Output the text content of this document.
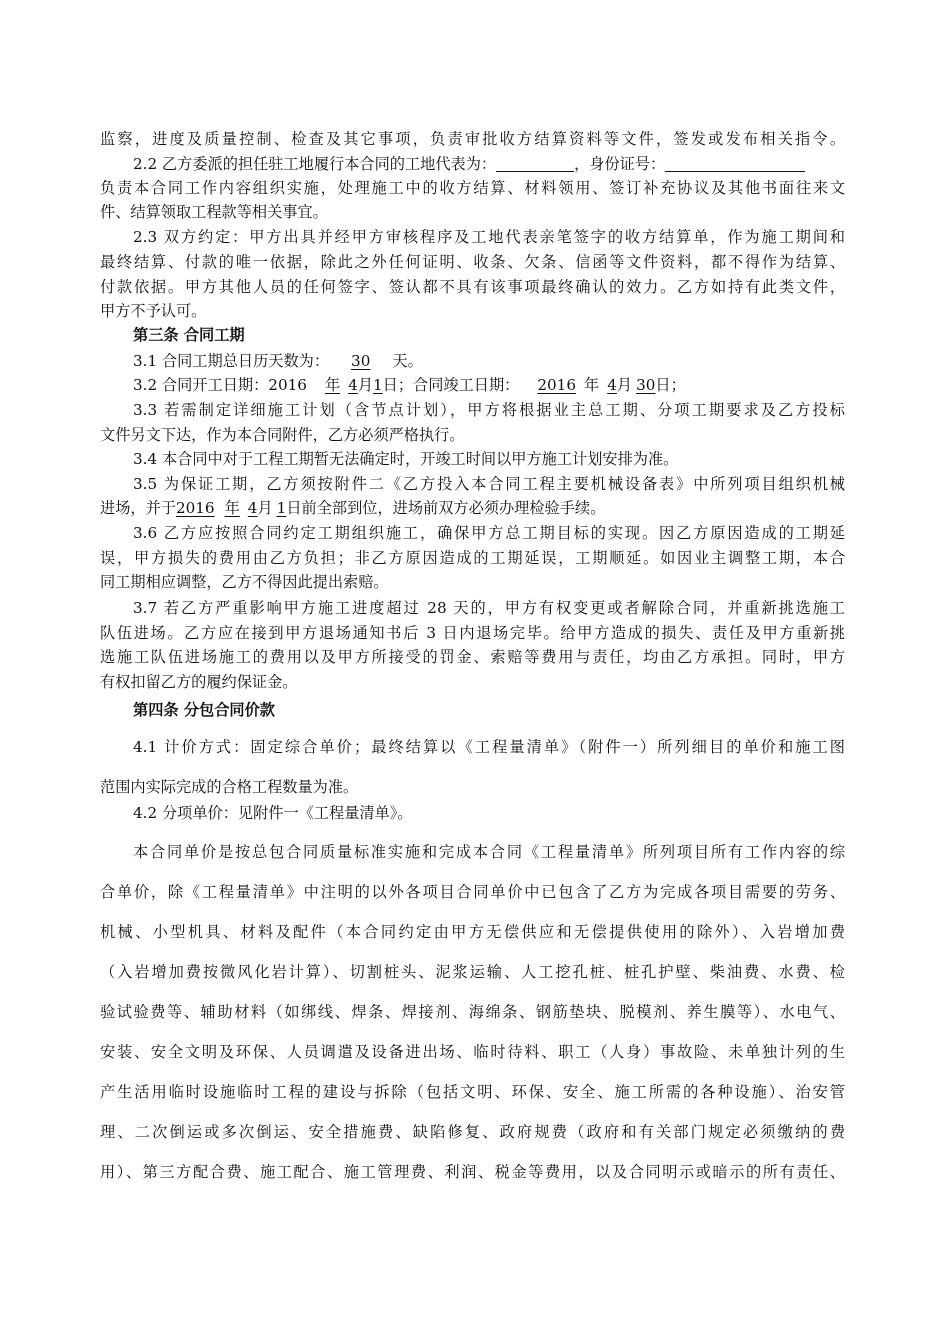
监察，进度及质量控制、检查及其它事项，负责审批收方结算资料等文件，签发或发布相关指令。
2.2 乙方委派的担任驻工地履行本合同的工地代表为：	，身份证号：
负责本合同工作内容组织实施，处理施工中的收方结算、材料领用、签订补充协议及其他书面往来文
件、结算领取工程款等相关事宜。
2.3 双方约定：甲方出具并经甲方审核程序及工地代表亲笔签字的收方结算单，作为施工期间和
最终结算、付款的唯一依据，除此之外任何证明、收条、欠条、信函等文件资料，都不得作为结算、
付款依据。甲方其他人员的任何签字、签认都不具有该事项最终确认的效力。乙方如持有此类文件，
甲方不予认可。
第三条 合同工期
3.1 合同工期总日历天数为： 30 天。
3.2 合同开工日期：2016 年 4月1日；合同竣工日期： 2016 年 4月 30日；
3.3 若需制定详细施工计划（含节点计划），甲方将根据业主总工期、分项工期要求及乙方投标
文件另文下达，作为本合同附件，乙方必须严格执行。
3.4 本合同中对于工程工期暂无法确定时，开竣工时间以甲方施工计划安排为准。
3.5 为保证工期，乙方须按附件二《乙方投入本合同工程主要机械设备表》中所列项目组织机械
进场，并于2016 年 4月 1日前全部到位，进场前双方必须办理检验手续。
3.6 乙方应按照合同约定工期组织施工，确保甲方总工期目标的实现。因乙方原因造成的工期延
误，甲方损失的费用由乙方负担；非乙方原因造成的工期延误，工期顺延。如因业主调整工期，本合
同工期相应调整，乙方不得因此提出索赔。
3.7 若乙方严重影响甲方施工进度超过 28 天的，甲方有权变更或者解除合同，并重新挑选施工
队伍进场。乙方应在接到甲方退场通知书后 3 日内退场完毕。给甲方造成的损失、责任及甲方重新挑
选施工队伍进场施工的费用以及甲方所接受的罚金、索赔等费用与责任，均由乙方承担。同时，甲方
有权扣留乙方的履约保证金。
第四条 分包合同价款
4.1 计价方式：固定综合单价；最终结算以《工程量清单》（附件一）所列细目的单价和施工图
范围内实际完成的合格工程数量为准。
4.2 分项单价：见附件一《工程量清单》。
本合同单价是按总包合同质量标准实施和完成本合同《工程量清单》所列项目所有工作内容的综
合单价，除《工程量清单》中注明的以外各项目合同单价中已包含了乙方为完成各项目需要的劳务、
机械、小型机具、材料及配件（本合同约定由甲方无偿供应和无偿提供使用的除外）、入岩增加费
（入岩增加费按微风化岩计算）、切割桩头、泥浆运输、人工挖孔桩、桩孔护壁、柴油费、水费、检
验试验费等、辅助材料（如绑线、焊条、焊接剂、海绵条、钢筋垫块、脱模剂、养生膜等）、水电气、
安装、安全文明及环保、人员调遣及设备进出场、临时待料、职工（人身）事故险、未单独计列的生
产生活用临时设施临时工程的建设与拆除（包括文明、环保、安全、施工所需的各种设施）、治安管
理、二次倒运或多次倒运、安全措施费、缺陷修复、政府规费（政府和有关部门规定必须缴纳的费
用）、第三方配合费、施工配合、施工管理费、利润、税金等费用，以及合同明示或暗示的所有责任、
